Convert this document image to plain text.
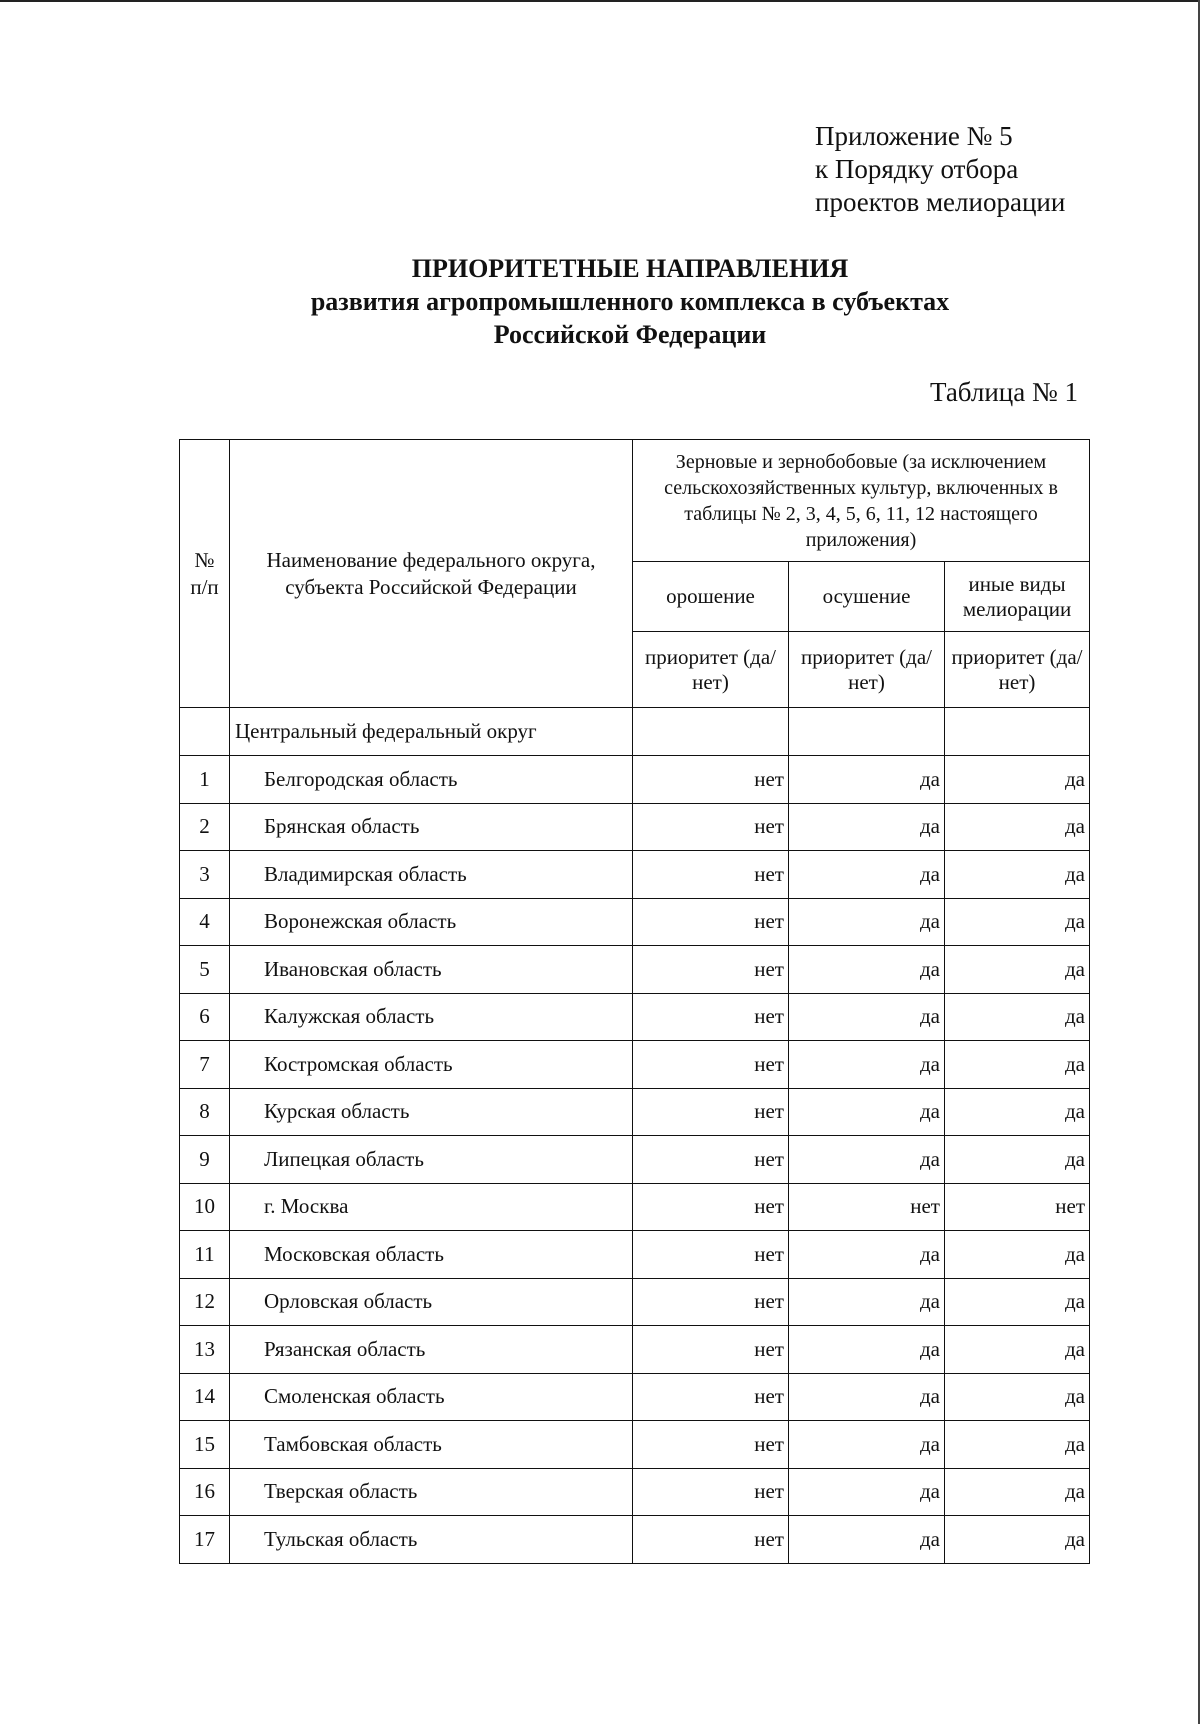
Приложение № 5
к Порядку отбора
проектов мелиорации
ПРИОРИТЕТНЫЕ НАПРАВЛЕНИЯ
развития агропромышленного комплекса в субъектах
Российской Федерации
Таблица № 1
№ п/п	Наименование федерального округа, субъекта Российской Федерации	Зерновые и зернобобовые (за исключением сельскохозяйственных культур, включенных в таблицы № 2, 3, 4, 5, 6, 11, 12 настоящего приложения)		
		орошение	осушение	иные виды мелиорации
		приоритет (да/нет)	приоритет (да/нет)	приоритет (да/нет)
	Центральный федеральный округ			
1	Белгородская область	нет	да	да
2	Брянская область	нет	да	да
3	Владимирская область	нет	да	да
4	Воронежская область	нет	да	да
5	Ивановская область	нет	да	да
6	Калужская область	нет	да	да
7	Костромская область	нет	да	да
8	Курская область	нет	да	да
9	Липецкая область	нет	да	да
10	г. Москва	нет	нет	нет
11	Московская область	нет	да	да
12	Орловская область	нет	да	да
13	Рязанская область	нет	да	да
14	Смоленская область	нет	да	да
15	Тамбовская область	нет	да	да
16	Тверская область	нет	да	да
17	Тульская область	нет	да	да
